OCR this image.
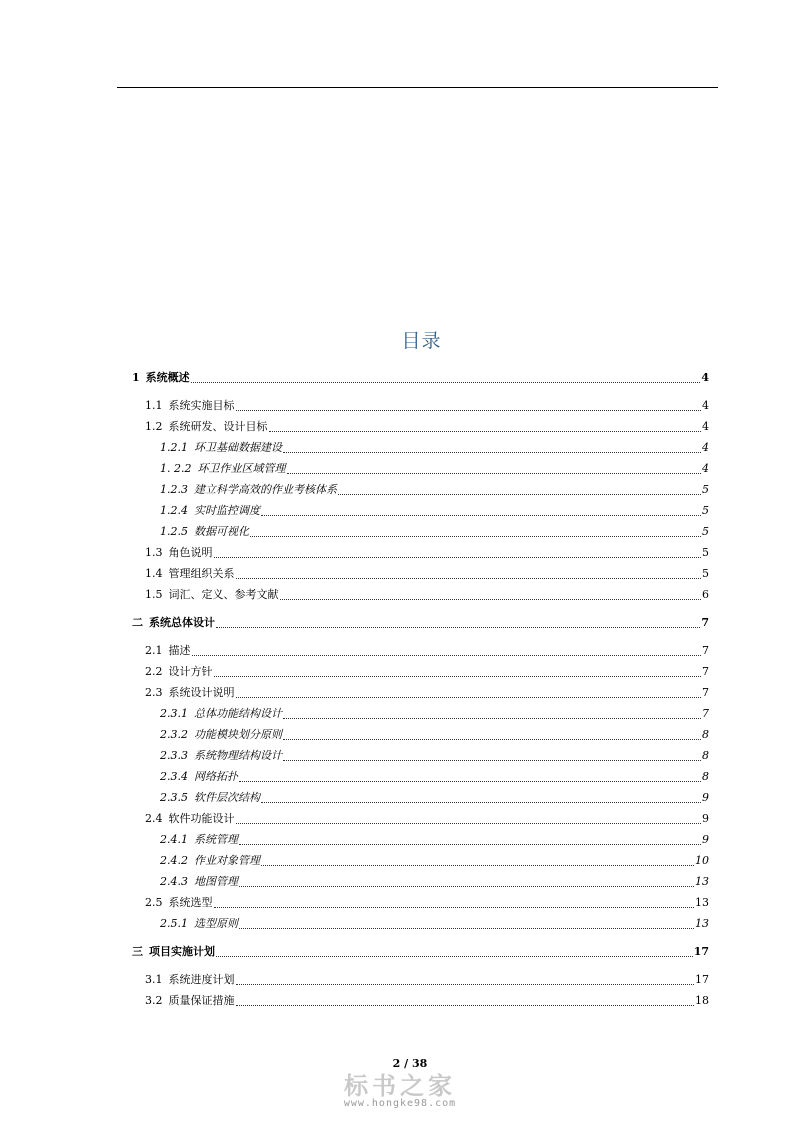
目录
1 系统概述	4
1.1 系统实施目标	4
1.2 系统研发、设计目标	4
1.2.1 环卫基础数据建设	4
1. 2.2 环卫作业区域管理	4
1.2.3 建立科学高效的作业考核体系	5
1.2.4 实时监控调度	5
1.2.5 数据可视化	5
1.3 角色说明	5
1.4 管理组织关系	5
1.5 词汇、定义、参考文献	6
二 系统总体设计	7
2.1 描述	7
2.2 设计方针	7
2.3 系统设计说明	7
2.3.1 总体功能结构设计	7
2.3.2 功能模块划分原则	8
2.3.3 系统物理结构设计	8
2.3.4 网络拓扑	8
2.3.5 软件层次结构	9
2.4 软件功能设计	9
2.4.1 系统管理	9
2.4.2 作业对象管理	10
2.4.3 地图管理	13
2.5 系统选型	13
2.5.1 选型原则	13
三 项目实施计划	17
3.1 系统进度计划	17
3.2 质量保证措施	18
2 / 38
标书之家
www.hongke98.com
